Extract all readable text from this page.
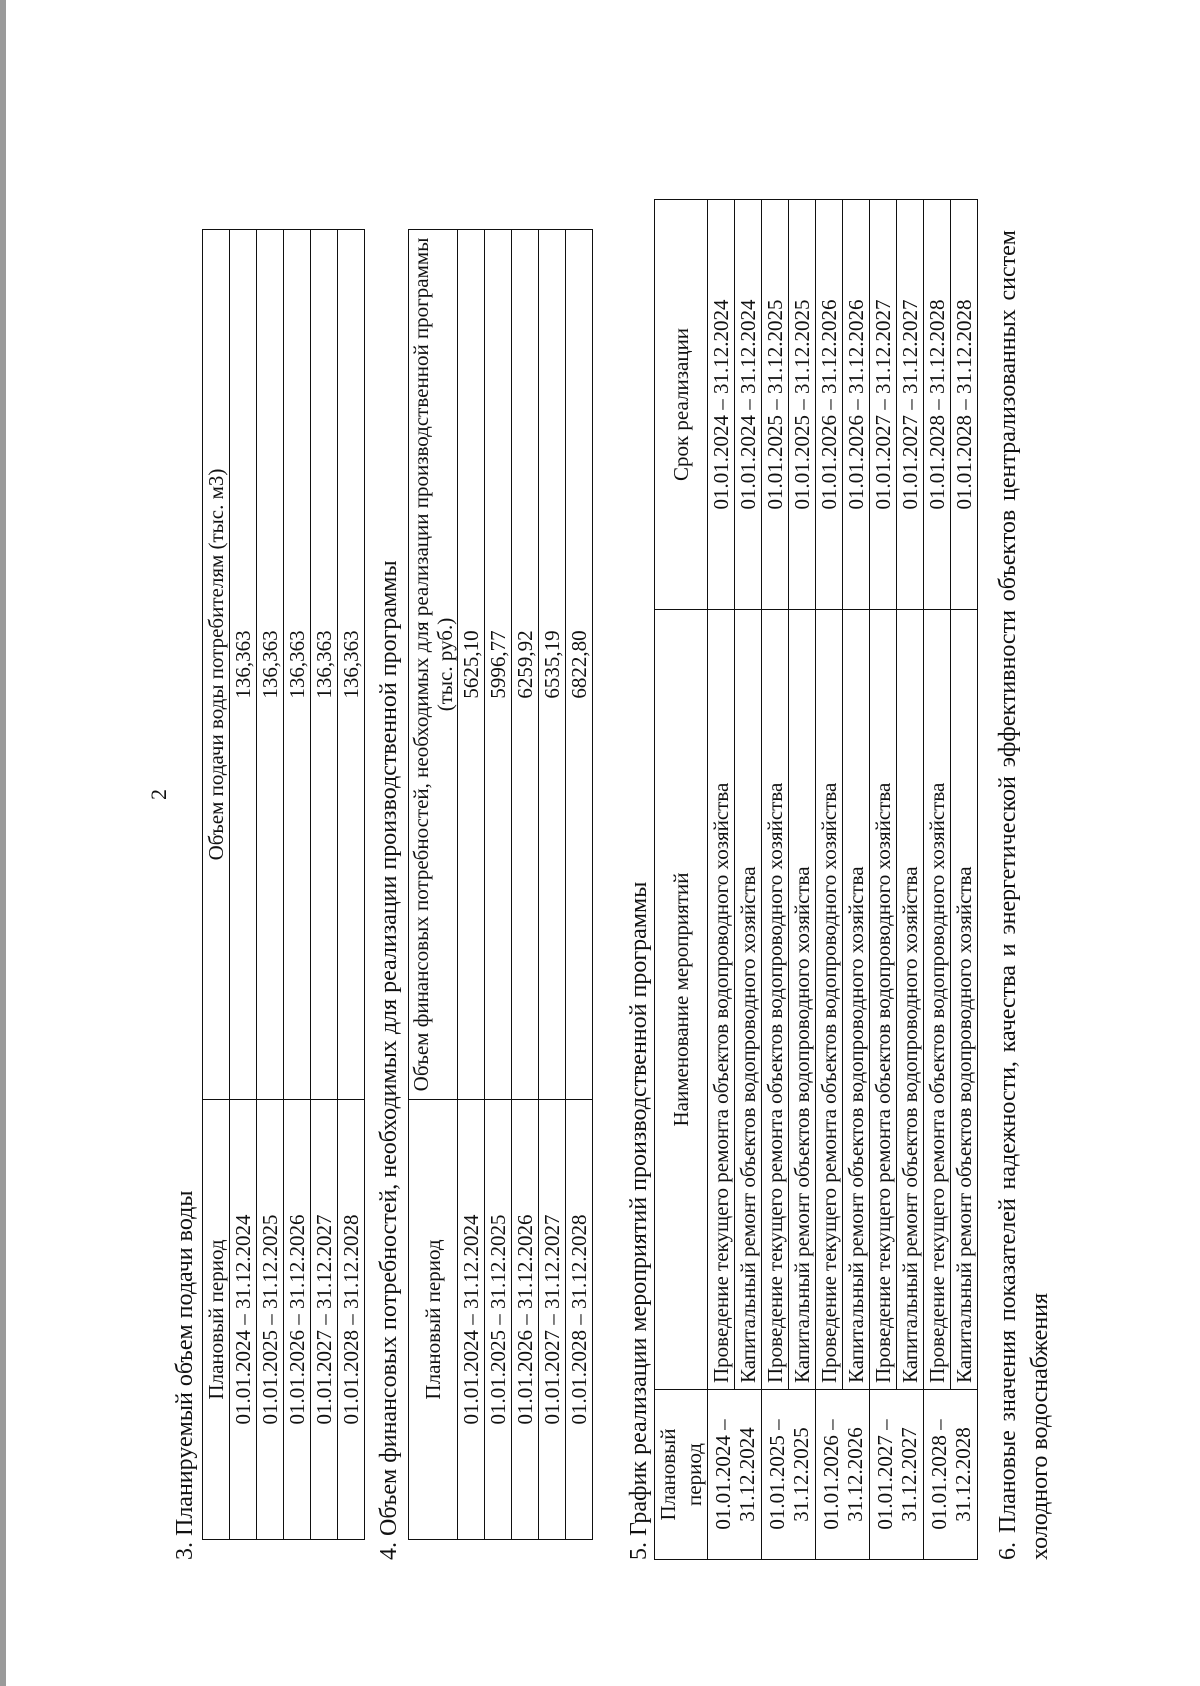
2
3. Планируемый объем подачи воды Плановый период	Объем подачи воды потребителям (тыс. м3)
01.01.2024 – 31.12.2024	136,363
01.01.2025 – 31.12.2025	136,363
01.01.2026 – 31.12.2026	136,363
01.01.2027 – 31.12.2027	136,363
01.01.2028 – 31.12.2028	136,363 4. Объем финансовых потребностей, необходимых для реализации производственной программы Плановый период	Объем финансовых потребностей, необходимых для реализации производственной программы (тыс. руб.)
01.01.2024 – 31.12.2024	5625,10
01.01.2025 – 31.12.2025	5996,77
01.01.2026 – 31.12.2026	6259,92
01.01.2027 – 31.12.2027	6535,19
01.01.2028 – 31.12.2028	6822,80
5. График реализации мероприятий производственной программы Плановый период	Наименование мероприятий	Срок реализации
01.01.2024 – 31.12.2024	Проведение текущего ремонта объектов водопроводного хозяйства	01.01.2024 – 31.12.2024
	Капитальный ремонт объектов водопроводного хозяйства	01.01.2024 – 31.12.2024
01.01.2025 – 31.12.2025	Проведение текущего ремонта объектов водопроводного хозяйства	01.01.2025 – 31.12.2025
	Капитальный ремонт объектов водопроводного хозяйства	01.01.2025 – 31.12.2025
01.01.2026 – 31.12.2026	Проведение текущего ремонта объектов водопроводного хозяйства	01.01.2026 – 31.12.2026
	Капитальный ремонт объектов водопроводного хозяйства	01.01.2026 – 31.12.2026
01.01.2027 – 31.12.2027	Проведение текущего ремонта объектов водопроводного хозяйства	01.01.2027 – 31.12.2027
	Капитальный ремонт объектов водопроводного хозяйства	01.01.2027 – 31.12.2027
01.01.2028 – 31.12.2028	Проведение текущего ремонта объектов водопроводного хозяйства	01.01.2028 – 31.12.2028
	Капитальный ремонт объектов водопроводного хозяйства	01.01.2028 – 31.12.2028 6. Плановые значения показателей надежности, качества и энергетической эффективности объектов централизованных систем холодного водоснабжения
